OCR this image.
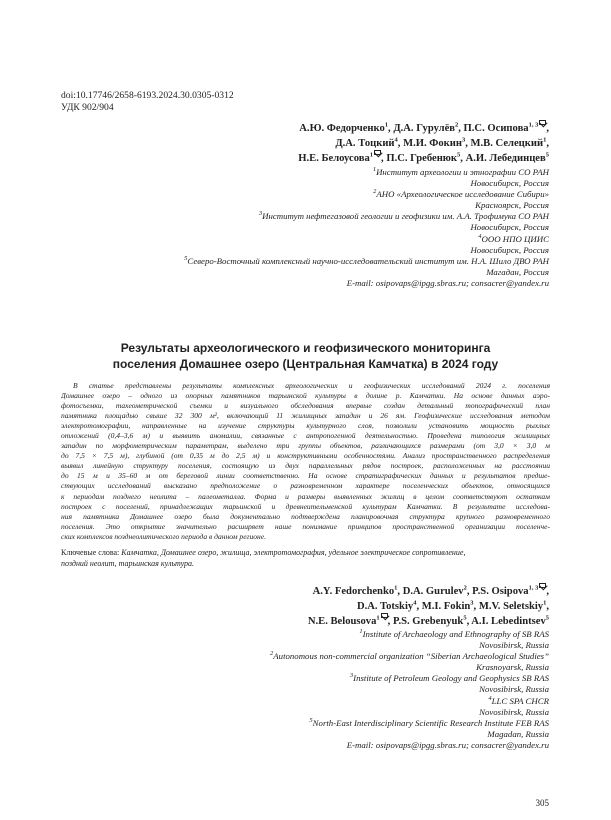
doi:10.17746/2658-6193.2024.30.0305-0312
УДК 902/904
А.Ю. Федорченко$^1$, Д.А. Гурулёв$^2$, П.С. Осипова$^{1, 3}$ ,
Д.А. Тоцкий$^4$, М.И. Фокин$^3$, М.В. Селецкий$^1$,
Н.Е. Белоусова$^1$ , П.С. Гребенюк$^5$, А.И. Лебединцев$^5$
$^1$Институт археологии и этнографии СО РАН
Новосибирск, Россия
$^2$АНО «Археологическое исследование Сибири»
Красноярск, Россия
$^3$Институт нефтегазовой геологии и геофизики им. А.А. Трофимука СО РАН
Новосибирск, Россия
$^4$ООО НПО ЦИИС
Новосибирск, Россия
$^5$Северо-Восточный комплексный научно-исследовательский институт им. Н.А. Шило ДВО РАН
Магадан, Россия
E-mail: osipovaps@ipgg.sbras.ru; consacrer@yandex.ru
Результаты археологического и геофизического мониторинга
поселения Домашнее озеро (Центральная Камчатка) в 2024 году
В статье представлены результаты комплексных археологических и геофизических исследований 2024 г. поселения
Домашнее озеро – одного из опорных памятников тарьинской культуры в долине р. Камчатки. На основе данных аэро-
фотосъемки, тахеометрической съемки и визуального обследования впервые создан детальный топографический план
памятника площадью свыше 32 300 м², включающий 11 жилищных западин и 26 ям. Геофизические исследования методом
электротомографии, направленные на изучение структуры культурного слоя, позволили установить мощность рыхлых
отложений (0,4–3,6 м) и выявить аномалии, связанные с антропогенной деятельностью. Проведена типология жилищных
западин по морфометрическим параметрам, выделено три группы объектов, различающихся размерами (от 3,0 × 3,0 м
до 7,5 × 7,5 м), глубиной (от 0,35 м до 2,5 м) и конструктивными особенностями. Анализ пространственного распределения
выявил линейную структуру поселения, состоящую из двух параллельных рядов построек, расположенных на расстоянии
до 15 м и 35–60 м от береговой линии соответственно. На основе стратиграфических данных и результатов предше-
ствующих исследований высказано предположение о разновременном характере поселенческих объектов, относящихся
к периодам позднего неолита – палеометалла. Форма и размеры выявленных жилищ в целом соответствуют остаткам
построек с поселений, принадлежащих тарьинской и древнеительменской культурам Камчатки. В результате исследова-
ния памятника Домашнее озеро была документально подтверждена планировочная структура крупного разновременного
поселения. Это открытие значительно расширяет наше понимание принципов пространственной организации поселенче-
ских комплексов позднеолитического периода в данном регионе.
Ключевые слова: Камчатка, Домашнее озеро, жилища, электротомография, удельное электрическое сопротивление,
поздний неолит, тарьинская культура.
A.Y. Fedorchenko$^1$, D.A. Gurulev$^2$, P.S. Osipova$^{1, 3}$ ,
D.A. Totskiy$^4$, M.I. Fokin$^3$, M.V. Seletskiy$^1$,
N.E. Belousova$^1$ , P.S. Grebenyuk$^5$, A.I. Lebedintsev$^5$
$^1$Institute of Archaeology and Ethnography of SB RAS
Novosibirsk, Russia
$^2$Autonomous non-commercial organization “Siberian Archaeological Studies”
Krasnoyarsk, Russia
$^3$Institute of Petroleum Geology and Geophysics SB RAS
Novosibirsk, Russia
$^4$LLC SPA CHCR
Novosibirsk, Russia
$^5$North-East Interdisciplinary Scientific Research Institute FEB RAS
Magadan, Russia
E-mail: osipovaps@ipgg.sbras.ru; consacrer@yandex.ru
305
